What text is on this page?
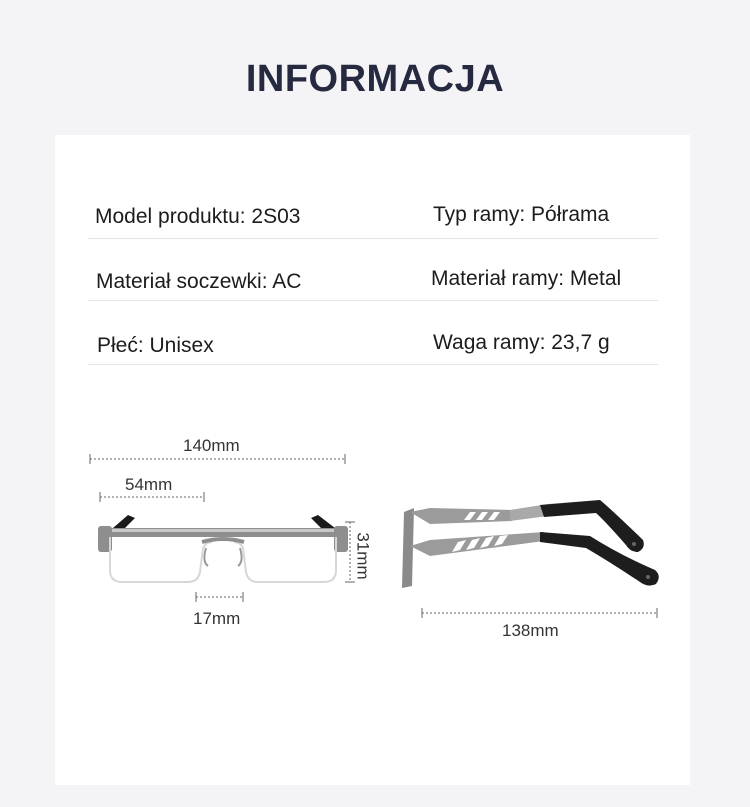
INFORMACJA
Model produktu: 2S03	Typ ramy: Półrama
Materiał soczewki: AC	Materiał ramy: Metal
Płeć: Unisex	Waga ramy: 23,7 g
140mm
54mm
17mm
31mm
138mm
